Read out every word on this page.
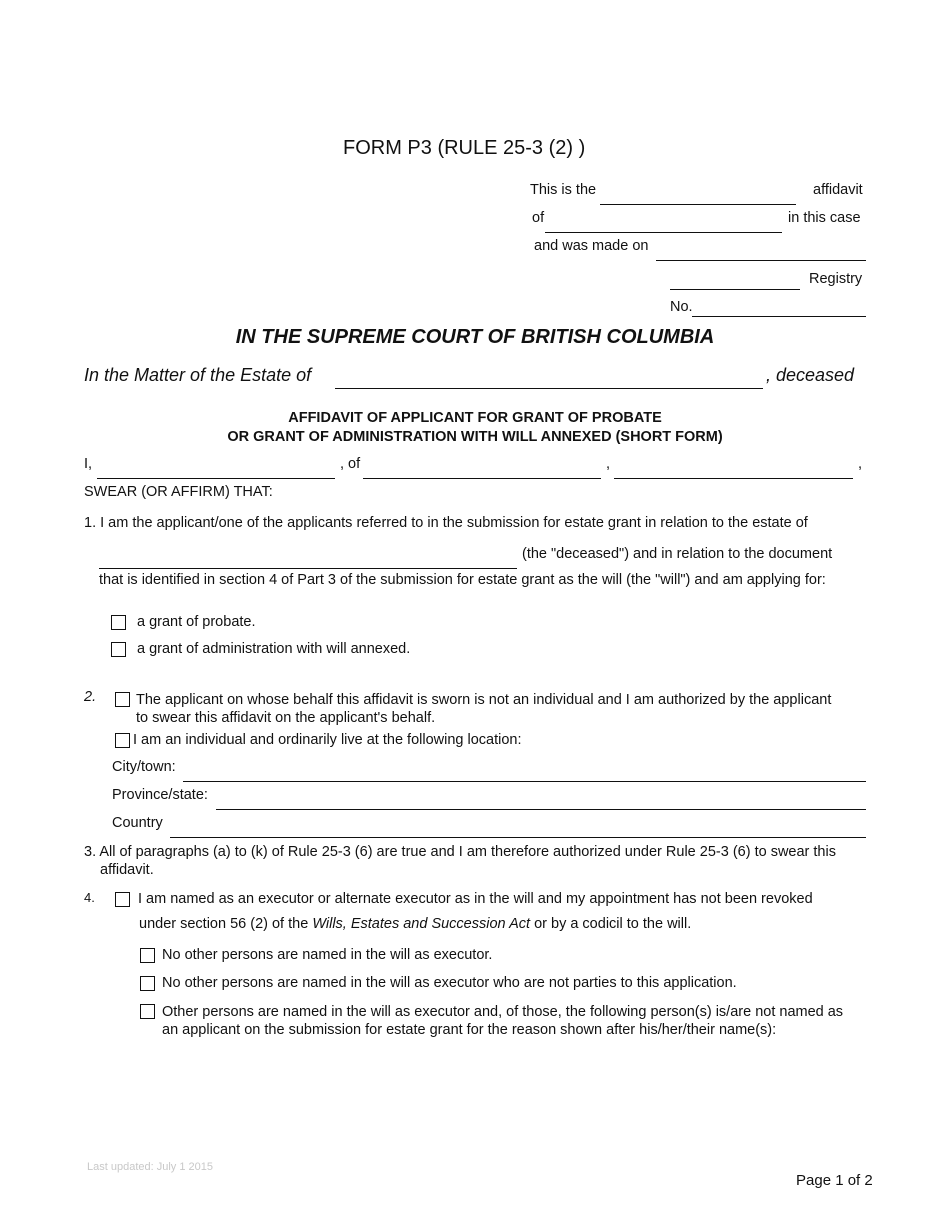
FORM P3 (RULE 25-3 (2) )
This is the	affidavit
of	in this case
and was made on
Registry
No.
IN THE SUPREME COURT OF BRITISH COLUMBIA
In the Matter of the Estate of	, deceased
AFFIDAVIT OF APPLICANT FOR GRANT OF PROBATE
OR GRANT OF ADMINISTRATION WITH WILL ANNEXED (SHORT FORM)
I,	, of	,	,
SWEAR (OR AFFIRM) THAT:
1. I am the applicant/one of the applicants referred to in the submission for estate grant in relation to the estate of
(the "deceased") and in relation to the document
that is identified in section 4 of Part 3 of the submission for estate grant as the will (the "will") and am applying for:
a grant of probate.
a grant of administration with will annexed.
2.	The applicant on whose behalf this affidavit is sworn is not an individual and I am authorized by the applicant to swear this affidavit on the applicant's behalf.
I am an individual and ordinarily live at the following location:
City/town:
Province/state:
Country
3. All of paragraphs (a) to (k) of Rule 25-3 (6) are true and I am therefore authorized under Rule 25-3 (6) to swear this affidavit.
4.	I am named as an executor or alternate executor as in the will and my appointment has not been revoked
under section 56 (2) of the Wills, Estates and Succession Act or by a codicil to the will.
No other persons are named in the will as executor.
No other persons are named in the will as executor who are not parties to this application.
Other persons are named in the will as executor and, of those, the following person(s) is/are not named as an applicant on the submission for estate grant for the reason shown after his/her/their name(s):
Last updated: July 1 2015
Page 1 of 2
